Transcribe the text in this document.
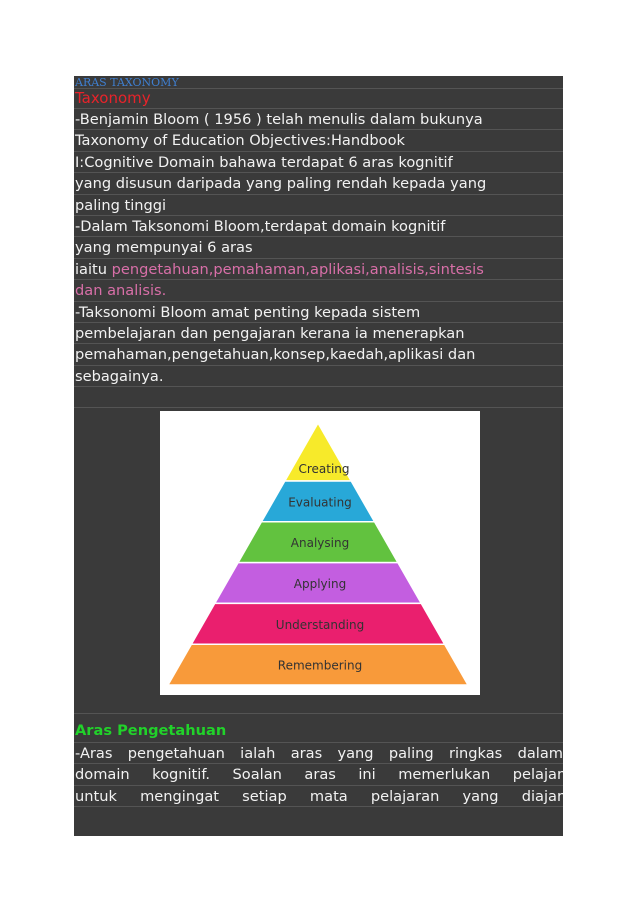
ARAS TAXONOMY
Taxonomy
-Benjamin Bloom ( 1956 ) telah menulis dalam bukunya
Taxonomy of Education Objectives:Handbook
I:Cognitive Domain bahawa terdapat 6 aras kognitif
yang disusun daripada yang paling rendah kepada yang
paling tinggi
-Dalam Taksonomi Bloom,terdapat domain kognitif
yang mempunyai 6 aras
iaitu pengetahuan,pemahaman,aplikasi,analisis,sintesis
dan analisis.
-Taksonomi Bloom amat penting kepada sistem
pembelajaran dan pengajaran kerana ia menerapkan
pemahaman,pengetahuan,konsep,kaedah,aplikasi dan
sebagainya.
Creating
Evaluating
Analysing
Applying
Understanding
Remembering
Aras Pengetahuan
-Aras pengetahuan ialah aras yang paling ringkas dalam
domain kognitif. Soalan aras ini memerlukan pelajar
untuk mengingat setiap mata pelajaran yang diajar
